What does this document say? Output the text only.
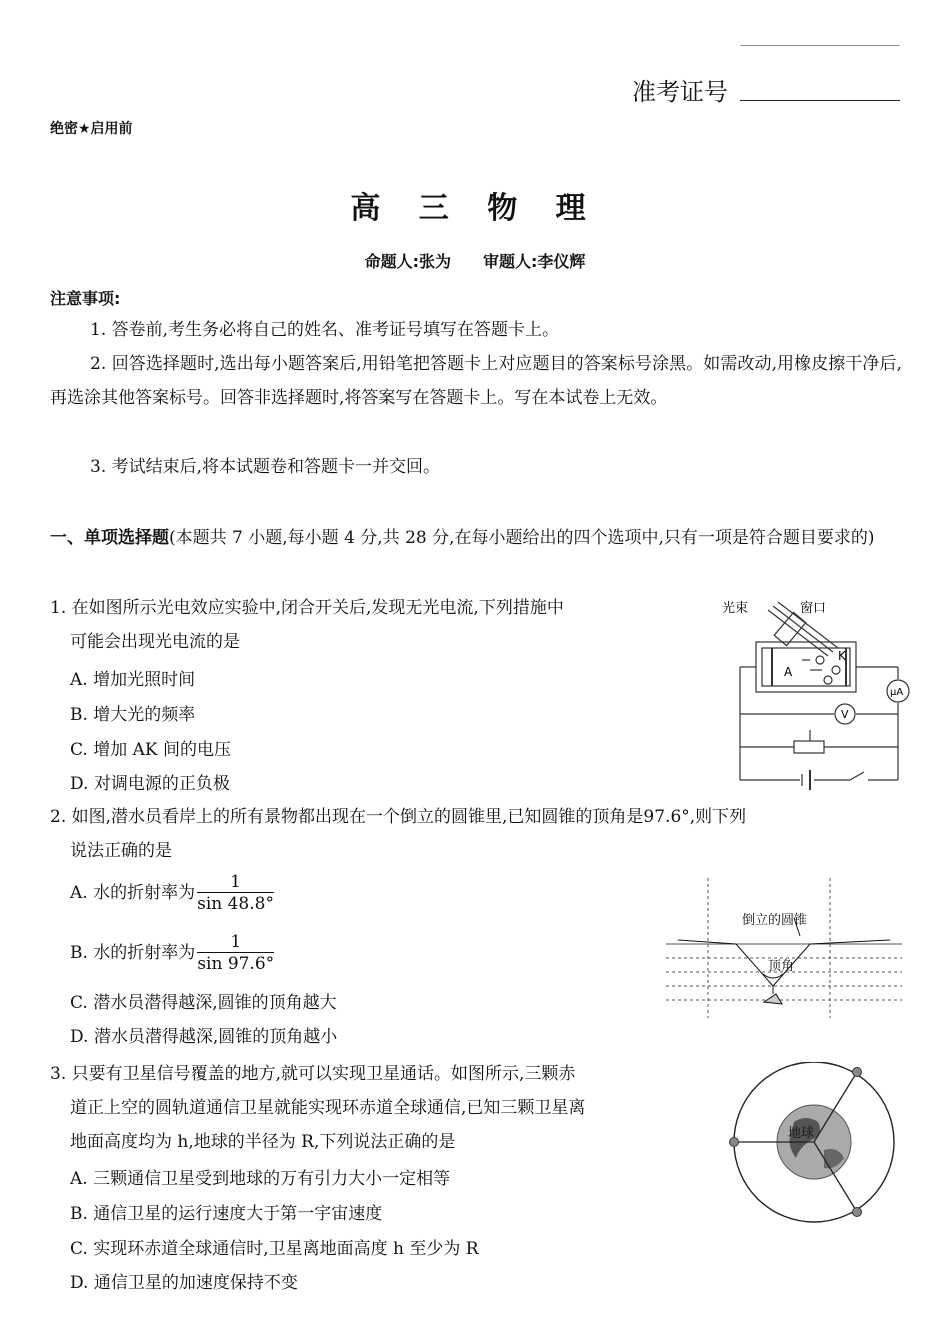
准考证号
绝密★启用前
高 三 物 理
命题人:张为　　审题人:李仪辉
注意事项:
1. 答卷前,考生务必将自己的姓名、准考证号填写在答题卡上。
2. 回答选择题时,选出每小题答案后,用铅笔把答题卡上对应题目的答案标号涂黑。如需改动,用橡皮擦干净后,再选涂其他答案标号。回答非选择题时,将答案写在答题卡上。写在本试卷上无效。
3. 考试结束后,将本试题卷和答题卡一并交回。
一、单项选择题(本题共 7 小题,每小题 4 分,共 28 分,在每小题给出的四个选项中,只有一项是符合题目要求的)
1. 在如图所示光电效应实验中,闭合开关后,发现无光电流,下列措施中
可能会出现光电流的是
A. 增加光照时间
B. 增大光的频率
C. 增加 AK 间的电压
D. 对调电源的正负极
光束	窗口
A
K
μA
V
2. 如图,潜水员看岸上的所有景物都出现在一个倒立的圆锥里,已知圆锥的顶角是97.6°,则下列
说法正确的是
A. 水的折射率为 $\frac{1}{\sin 48.8^\circ}$
B. 水的折射率为 $\frac{1}{\sin 97.6^\circ}$
C. 潜水员潜得越深,圆锥的顶角越大
D. 潜水员潜得越深,圆锥的顶角越小
倒立的圆锥
顶角
3. 只要有卫星信号覆盖的地方,就可以实现卫星通话。如图所示,三颗赤
道正上空的圆轨道通信卫星就能实现环赤道全球通信,已知三颗卫星离
地面高度均为 h,地球的半径为 R,下列说法正确的是
A. 三颗通信卫星受到地球的万有引力大小一定相等
B. 通信卫星的运行速度大于第一宇宙速度
C. 实现环赤道全球通信时,卫星离地面高度 h 至少为 R
D. 通信卫星的加速度保持不变
地球
